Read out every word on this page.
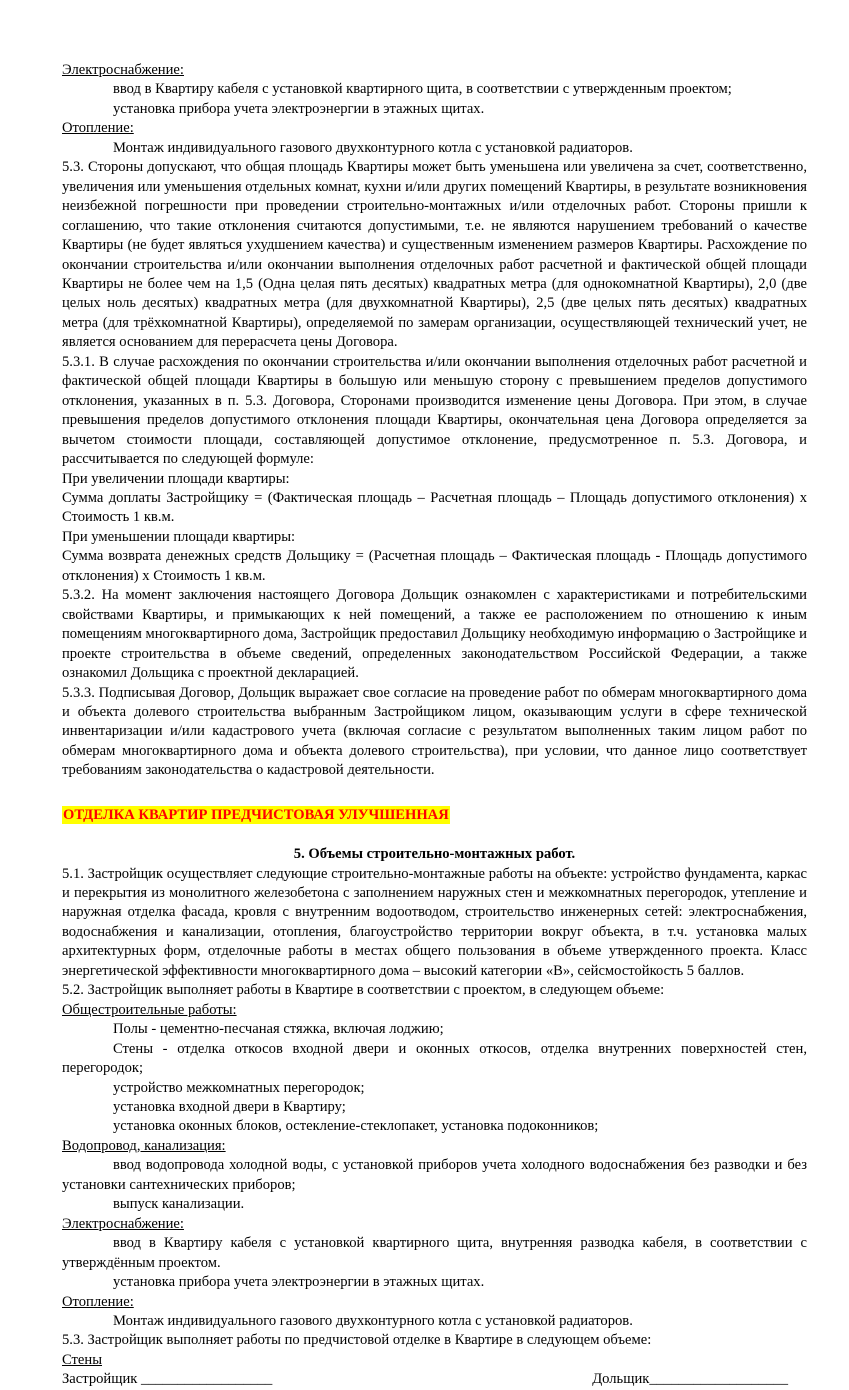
Электроснабжение:

ввод в Квартиру кабеля с установкой квартирного щита, в соответствии с утвержденным проектом;

установка прибора учета электроэнергии в этажных щитах.

Отопление:

Монтаж индивидуального газового двухконтурного котла с установкой радиаторов.

5.3. Стороны допускают, что общая площадь Квартиры может быть уменьшена или увеличена за счет, соответственно, увеличения или уменьшения отдельных комнат, кухни и/или других помещений Квартиры, в результате возникновения неизбежной погрешности при проведении строительно-монтажных и/или отделочных работ. Стороны пришли к соглашению, что такие отклонения считаются допустимыми, т.е. не являются нарушением требований о качестве Квартиры (не будет являться ухудшением качества) и существенным изменением размеров Квартиры. Расхождение по окончании строительства и/или окончании выполнения отделочных работ расчетной и фактической общей площади Квартиры не более чем на 1,5 (Одна целая пять десятых) квадратных метра (для однокомнатной Квартиры), 2,0 (две целых ноль десятых) квадратных метра (для двухкомнатной Квартиры), 2,5 (две целых пять десятых) квадратных метра (для трёхкомнатной Квартиры), определяемой по замерам организации, осуществляющей технический учет, не является основанием для перерасчета цены Договора.

5.3.1. В случае расхождения по окончании строительства и/или окончании выполнения отделочных работ расчетной и фактической общей площади Квартиры в большую или меньшую сторону с превышением пределов допустимого отклонения, указанных в п. 5.3. Договора, Сторонами производится изменение цены Договора. При этом, в случае превышения пределов допустимого отклонения площади Квартиры, окончательная цена Договора определяется за вычетом стоимости площади, составляющей допустимое отклонение, предусмотренное п. 5.3. Договора, и рассчитывается по следующей формуле:

При увеличении площади квартиры:

Сумма доплаты Застройщику = (Фактическая площадь – Расчетная площадь – Площадь допустимого отклонения) х Стоимость 1 кв.м.

При уменьшении площади квартиры:

Сумма возврата денежных средств Дольщику = (Расчетная площадь – Фактическая площадь - Площадь допустимого отклонения) х Стоимость 1 кв.м.

5.3.2. На момент заключения настоящего Договора Дольщик ознакомлен с характеристиками и потребительскими свойствами Квартиры, и примыкающих к ней помещений, а также ее расположением по отношению к иным помещениям многоквартирного дома, Застройщик предоставил Дольщику необходимую информацию о Застройщике и проекте строительства в объеме сведений, определенных законодательством Российской Федерации, а также ознакомил Дольщика с проектной декларацией.

5.3.3. Подписывая Договор, Дольщик выражает свое согласие на проведение работ по обмерам многоквартирного дома и объекта долевого строительства выбранным Застройщиком лицом, оказывающим услуги в сфере технической инвентаризации и/или кадастрового учета (включая согласие с результатом выполненных таким лицом работ по обмерам многоквартирного дома и объекта долевого строительства), при условии, что данное лицо соответствует требованиям законодательства о кадастровой деятельности.

ОТДЕЛКА КВАРТИР ПРЕДЧИСТОВАЯ УЛУЧШЕННАЯ

5. Объемы строительно-монтажных работ.

5.1. Застройщик осуществляет следующие строительно-монтажные работы на объекте: устройство фундамента, каркас и перекрытия из монолитного железобетона с заполнением наружных стен и межкомнатных перегородок, утепление и наружная отделка фасада, кровля с внутренним водоотводом, строительство инженерных сетей: электроснабжения, водоснабжения и канализации, отопления, благоустройство территории вокруг объекта, в т.ч. установка малых архитектурных форм, отделочные работы в местах общего пользования в объеме утвержденного проекта. Класс энергетической эффективности многоквартирного дома – высокий категории «В», сейсмостойкость 5 баллов.

5.2. Застройщик выполняет работы в Квартире в соответствии с проектом, в следующем объеме:

Общестроительные работы:

Полы - цементно-песчаная стяжка, включая лоджию;

Стены - отделка откосов входной двери и оконных откосов, отделка внутренних поверхностей стен, перегородок;

устройство межкомнатных перегородок;

установка входной двери в Квартиру;

установка оконных блоков, остекление-стеклопакет, установка подоконников;

Водопровод, канализация:

ввод водопровода холодной воды, с установкой приборов учета холодного водоснабжения без разводки и без установки сантехнических приборов;

выпуск канализации.

Электроснабжение:

ввод в Квартиру кабеля с установкой квартирного щита, внутренняя разводка кабеля, в соответствии с утверждённым проектом.

установка прибора учета электроэнергии в этажных щитах.

Отопление:

Монтаж индивидуального газового двухконтурного котла с установкой радиаторов.

5.3. Застройщик выполняет работы по предчистовой отделке в Квартире в следующем объеме:

Стены

Застройщик __________________	Дольщик___________________
